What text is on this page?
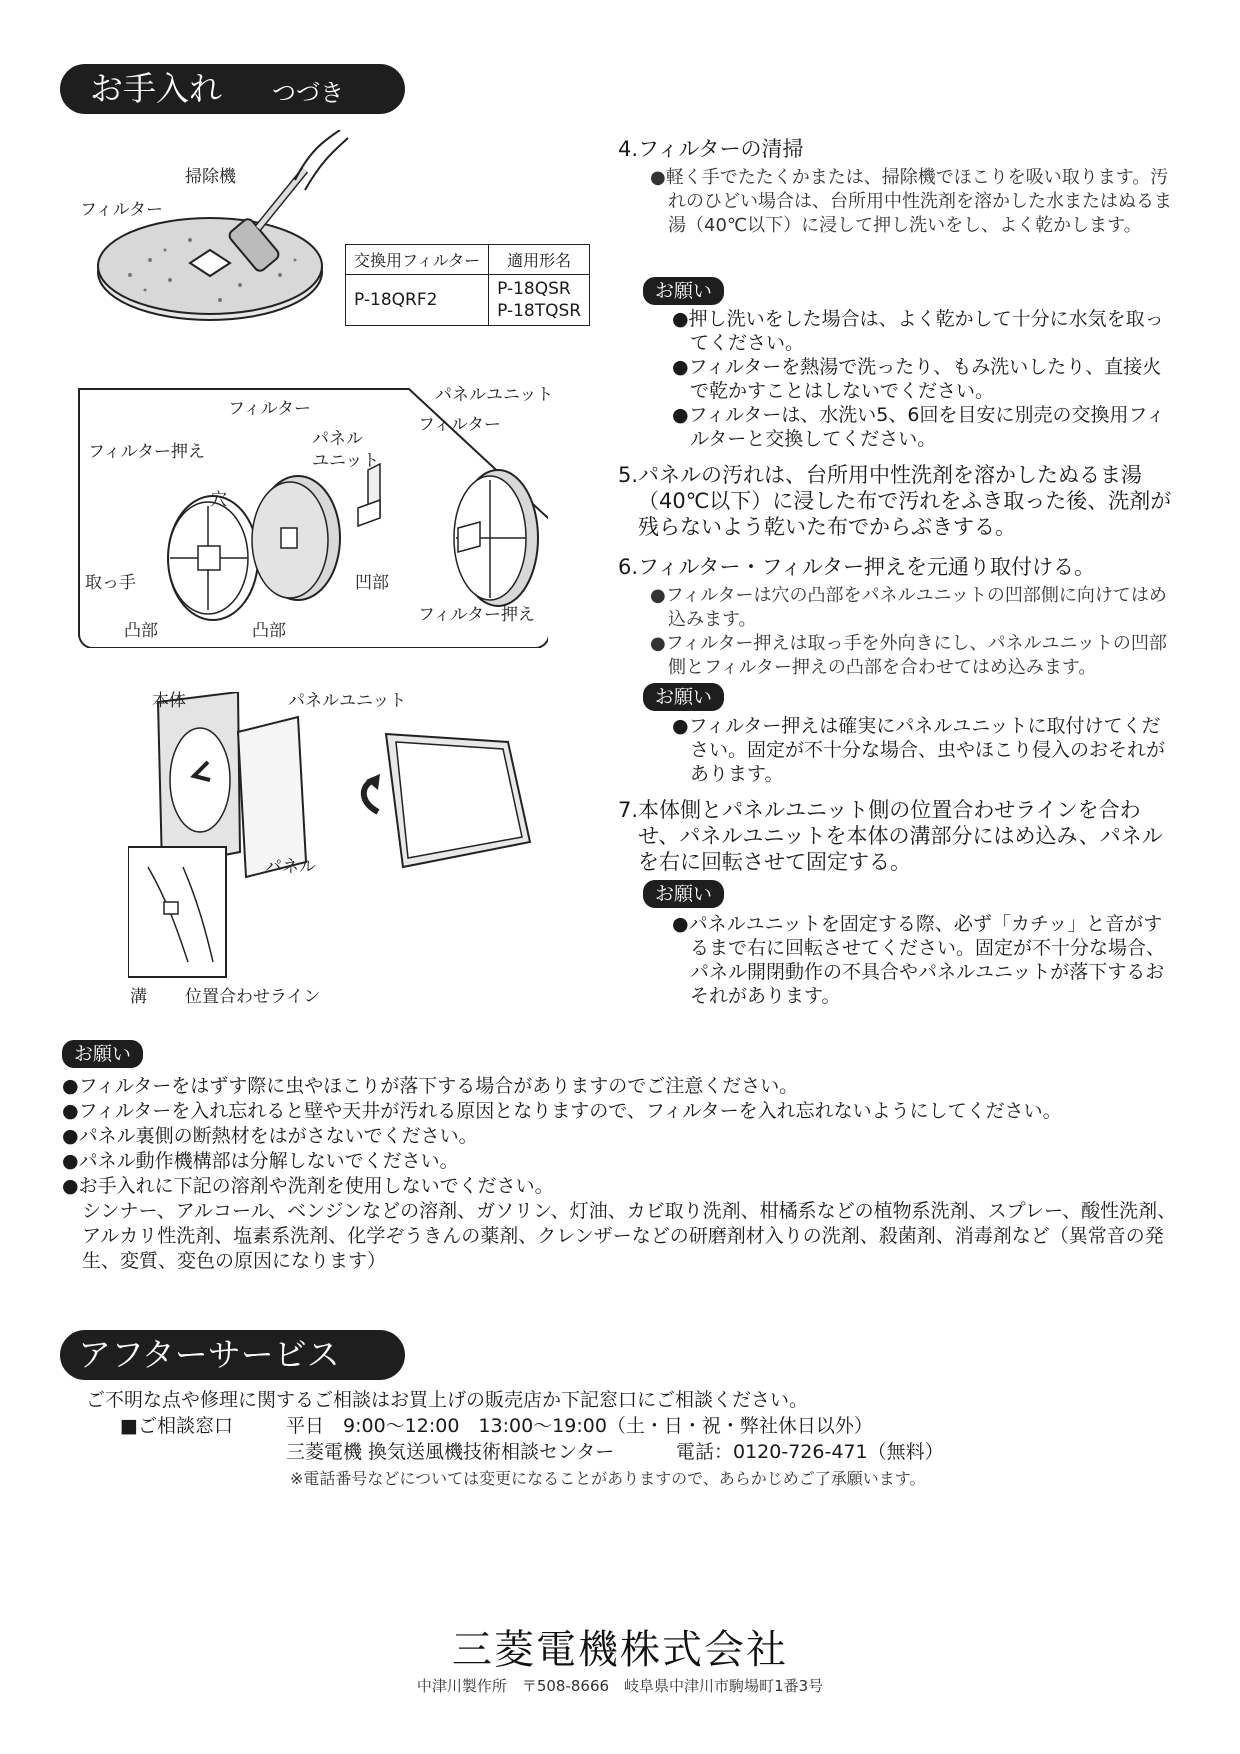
お手入れ つづき
掃除機
フィルター
交換用フィルター	適用形名
P-18QRF2	P-18QSR
P-18TQSR
フィルター
フィルター押え
パネル
ユニット
穴
取っ手
凸部	凸部
凹部
パネルユニット
フィルター
フィルター押え
本体	パネルユニット
パネル
溝 位置合わせライン
4.フィルターの清掃
●軽く手でたたくかまたは、掃除機でほこりを吸い取ります。汚れのひどい場合は、台所用中性洗剤を溶かした水またはぬるま湯（40℃以下）に浸して押し洗いをし、よく乾かします。
お願い
●押し洗いをした場合は、よく乾かして十分に水気を取ってください。
●フィルターを熱湯で洗ったり、もみ洗いしたり、直接火で乾かすことはしないでください。
●フィルターは、水洗い5、6回を目安に別売の交換用フィルターと交換してください。
5.パネルの汚れは、台所用中性洗剤を溶かしたぬるま湯（40℃以下）に浸した布で汚れをふき取った後、洗剤が残らないよう乾いた布でからぶきする。
6.フィルター・フィルター押えを元通り取付ける。
●フィルターは穴の凸部をパネルユニットの凹部側に向けてはめ込みます。
●フィルター押えは取っ手を外向きにし、パネルユニットの凹部側とフィルター押えの凸部を合わせてはめ込みます。
お願い
●フィルター押えは確実にパネルユニットに取付けてください。固定が不十分な場合、虫やほこり侵入のおそれがあります。
7.本体側とパネルユニット側の位置合わせラインを合わせ、パネルユニットを本体の溝部分にはめ込み、パネルを右に回転させて固定する。
お願い
●パネルユニットを固定する際、必ず「カチッ」と音がするまで右に回転させてください。固定が不十分な場合、パネル開閉動作の不具合やパネルユニットが落下するおそれがあります。
お願い
●フィルターをはずす際に虫やほこりが落下する場合がありますのでご注意ください。
●フィルターを入れ忘れると壁や天井が汚れる原因となりますので、フィルターを入れ忘れないようにしてください。
●パネル裏側の断熱材をはがさないでください。
●パネル動作機構部は分解しないでください。
●お手入れに下記の溶剤や洗剤を使用しないでください。
シンナー、アルコール、ベンジンなどの溶剤、ガソリン、灯油、カビ取り洗剤、柑橘系などの植物系洗剤、スプレー、酸性洗剤、アルカリ性洗剤、塩素系洗剤、化学ぞうきんの薬剤、クレンザーなどの研磨剤材入りの洗剤、殺菌剤、消毒剤など（異常音の発生、変質、変色の原因になります）
アフターサービス
ご不明な点や修理に関するご相談はお買上げの販売店か下記窓口にご相談ください。
■ご相談窓口	平日　9:00～12:00　13:00～19:00（土・日・祝・弊社休日以外）
三菱電機 換気送風機技術相談センター	電話：0120-726-471（無料）
※電話番号などについては変更になることがありますので、あらかじめご了承願います。
三菱電機株式会社
中津川製作所　〒508-8666　岐阜県中津川市駒場町1番3号
